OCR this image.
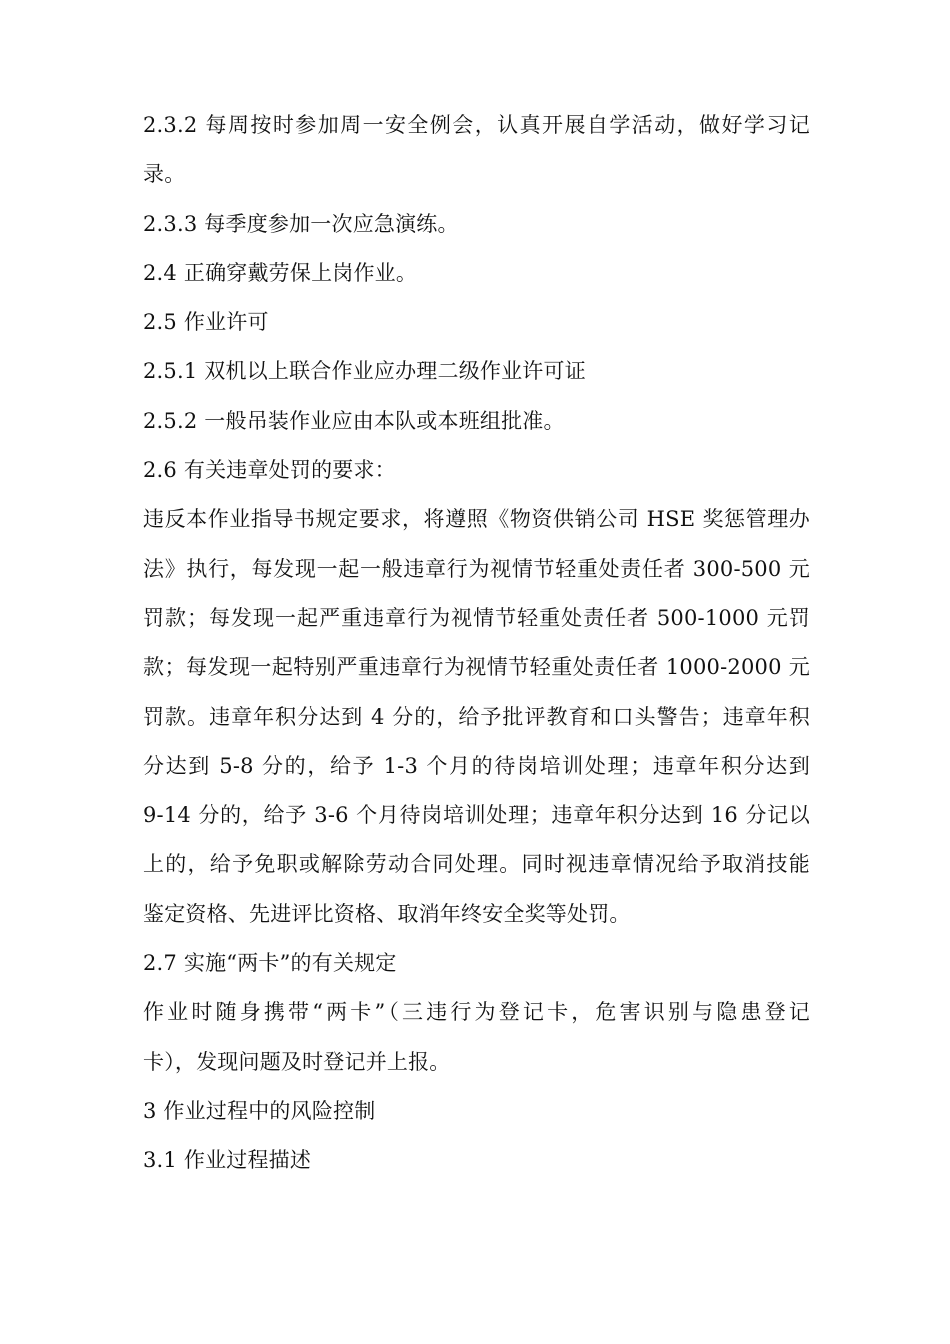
2.3.2 每周按时参加周一安全例会，认真开展自学活动，做好学习记
录。
2.3.3 每季度参加一次应急演练。
2.4 正确穿戴劳保上岗作业。
2.5 作业许可
2.5.1 双机以上联合作业应办理二级作业许可证
2.5.2 一般吊装作业应由本队或本班组批准。
2.6 有关违章处罚的要求：
违反本作业指导书规定要求，将遵照《物资供销公司 HSE 奖惩管理办
法》执行，每发现一起一般违章行为视情节轻重处责任者 300-500 元
罚款；每发现一起严重违章行为视情节轻重处责任者 500-1000 元罚
款；每发现一起特别严重违章行为视情节轻重处责任者 1000-2000 元
罚款。违章年积分达到 4 分的，给予批评教育和口头警告；违章年积
分达到 5-8 分的，给予 1-3 个月的待岗培训处理；违章年积分达到
9-14 分的，给予 3-6 个月待岗培训处理；违章年积分达到 16 分记以
上的，给予免职或解除劳动合同处理。同时视违章情况给予取消技能
鉴定资格、先进评比资格、取消年终安全奖等处罚。
2.7 实施“两卡”的有关规定
作业时随身携带“两卡”（三违行为登记卡，危害识别与隐患登记
卡），发现问题及时登记并上报。
3 作业过程中的风险控制
3.1 作业过程描述
